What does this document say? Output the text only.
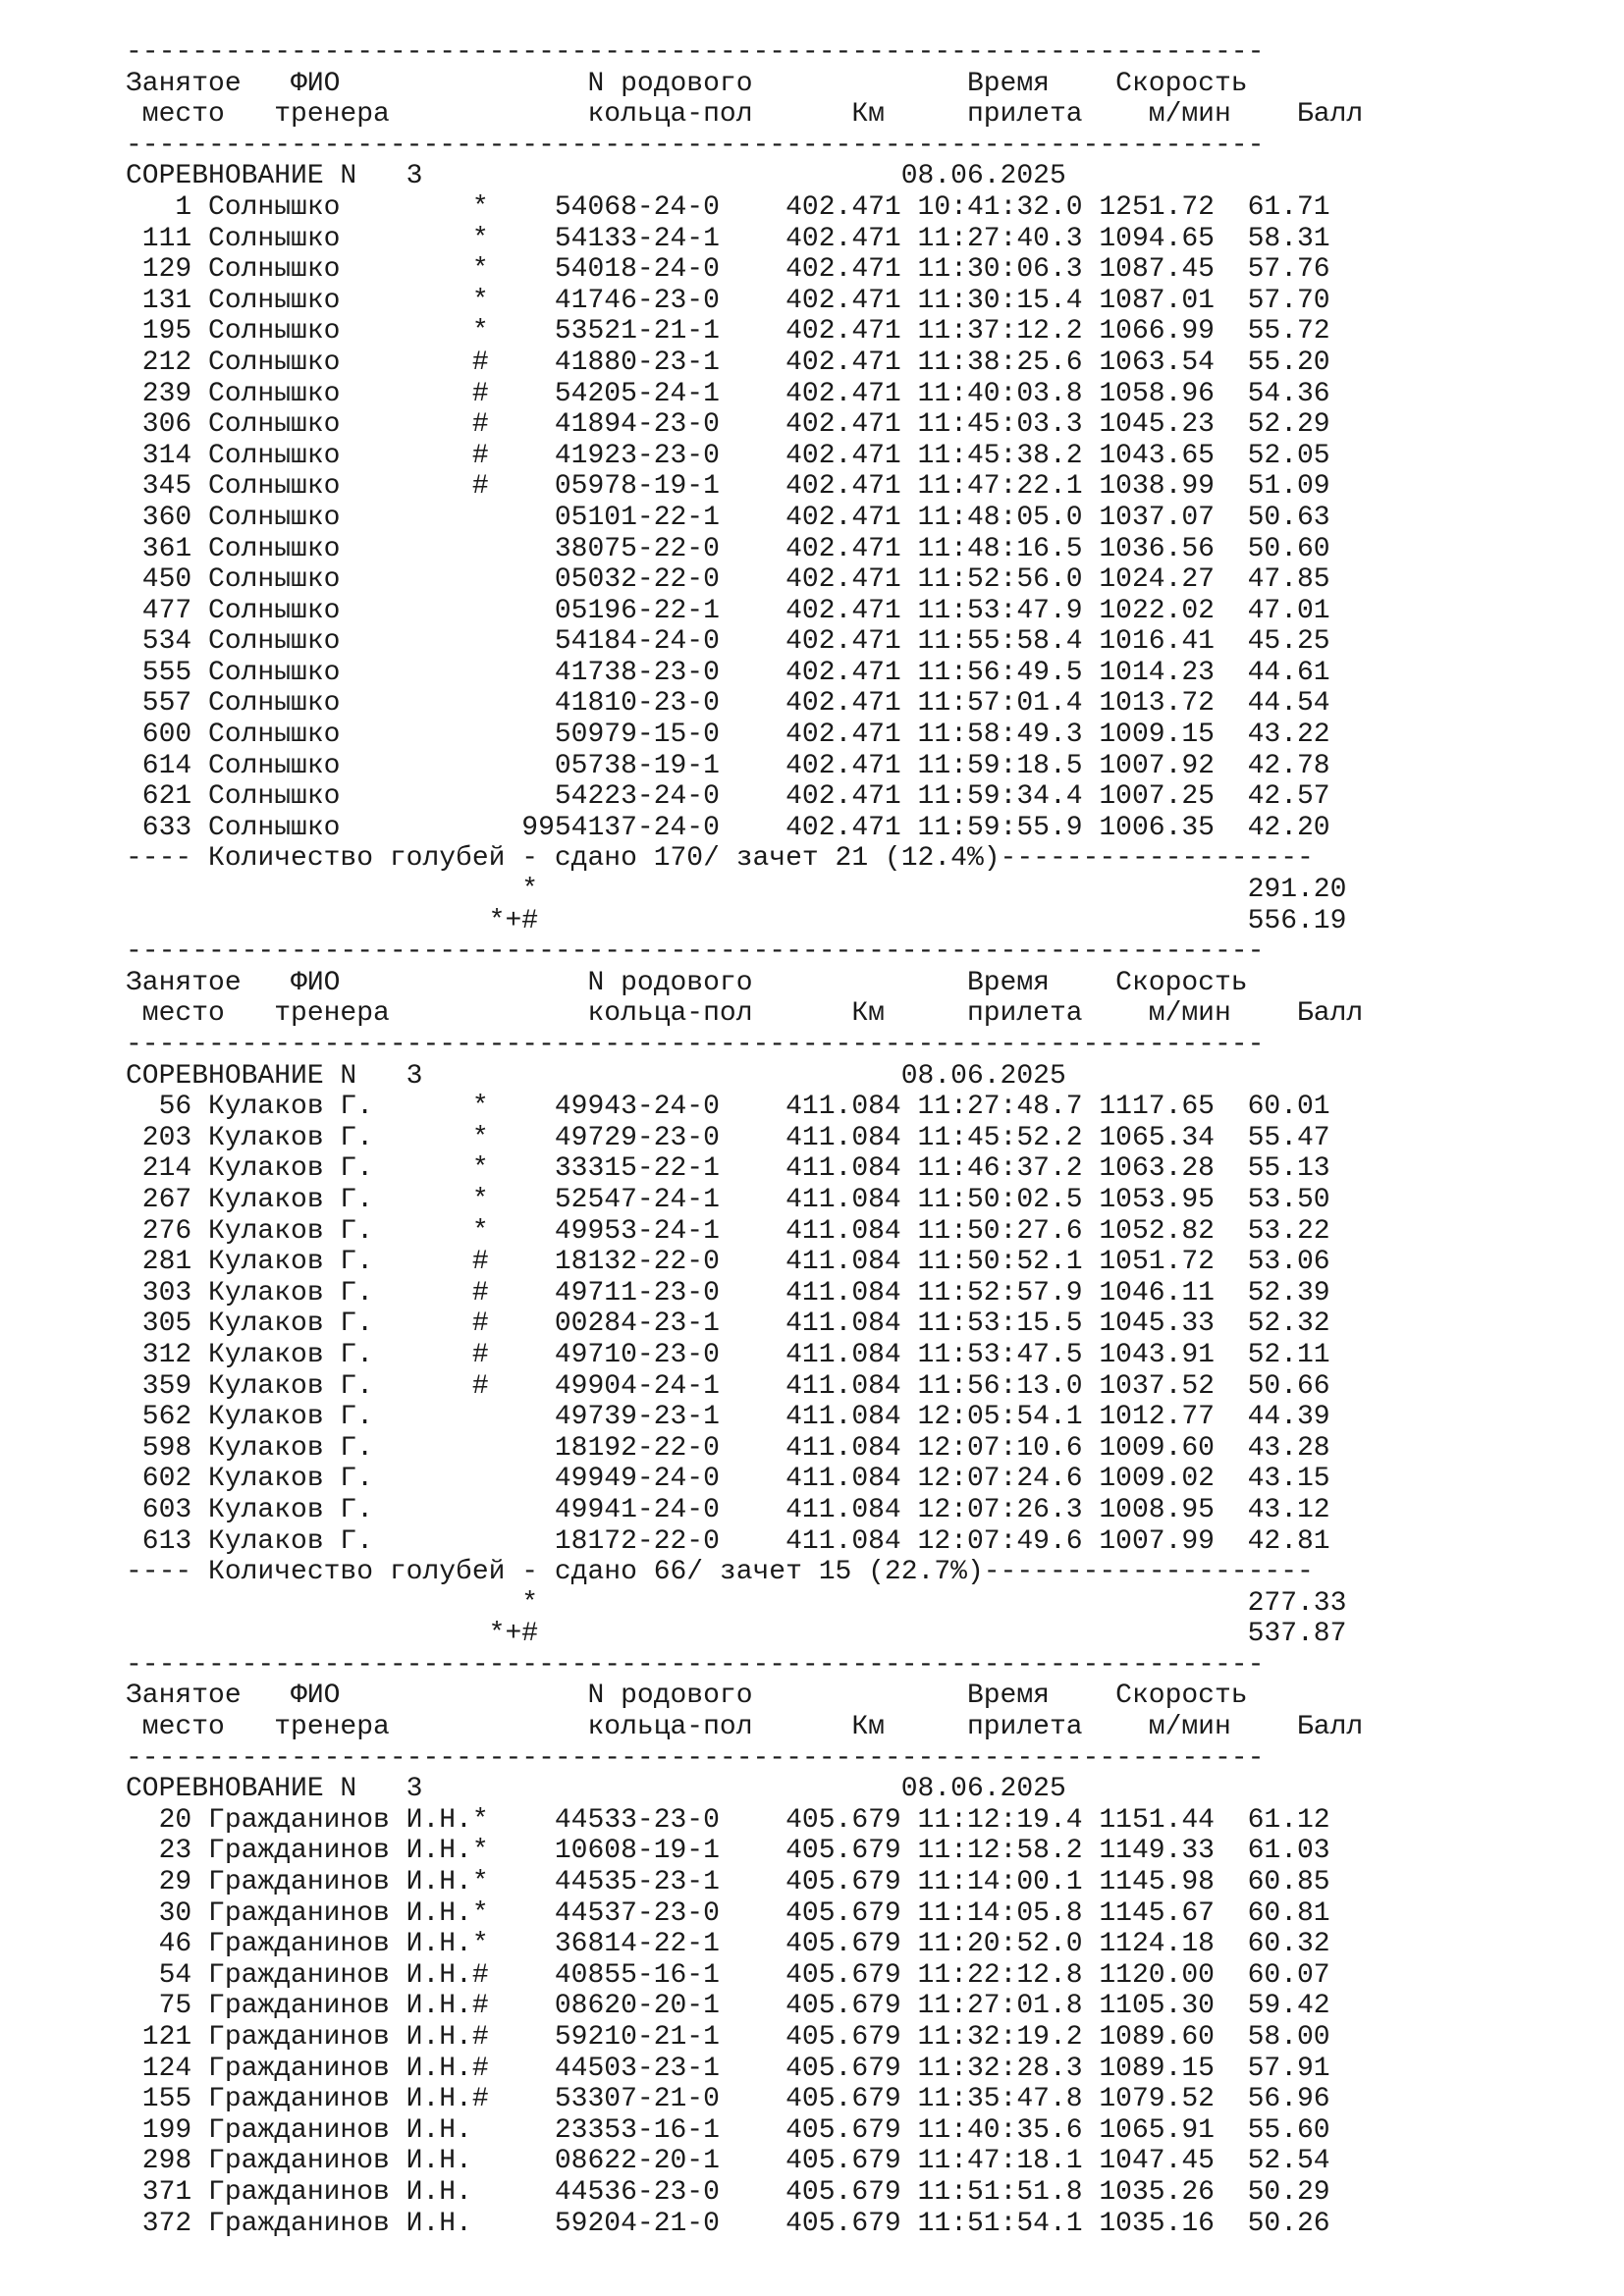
---------------------------------------------------------------------
Занятое   ФИО               N родового             Время    Скорость
место   тренера            кольца-пол      Км     прилета    м/мин    Балл
---------------------------------------------------------------------
СОРЕВНОВАНИЕ N   3                             08.06.2025
1 Солнышко        *    54068-24-0    402.471 10:41:32.0 1251.72  61.71
111 Солнышко        *    54133-24-1    402.471 11:27:40.3 1094.65  58.31
129 Солнышко        *    54018-24-0    402.471 11:30:06.3 1087.45  57.76
131 Солнышко        *    41746-23-0    402.471 11:30:15.4 1087.01  57.70
195 Солнышко        *    53521-21-1    402.471 11:37:12.2 1066.99  55.72
212 Солнышко        #    41880-23-1    402.471 11:38:25.6 1063.54  55.20
239 Солнышко        #    54205-24-1    402.471 11:40:03.8 1058.96  54.36
306 Солнышко        #    41894-23-0    402.471 11:45:03.3 1045.23  52.29
314 Солнышко        #    41923-23-0    402.471 11:45:38.2 1043.65  52.05
345 Солнышко        #    05978-19-1    402.471 11:47:22.1 1038.99  51.09
360 Солнышко             05101-22-1    402.471 11:48:05.0 1037.07  50.63
361 Солнышко             38075-22-0    402.471 11:48:16.5 1036.56  50.60
450 Солнышко             05032-22-0    402.471 11:52:56.0 1024.27  47.85
477 Солнышко             05196-22-1    402.471 11:53:47.9 1022.02  47.01
534 Солнышко             54184-24-0    402.471 11:55:58.4 1016.41  45.25
555 Солнышко             41738-23-0    402.471 11:56:49.5 1014.23  44.61
557 Солнышко             41810-23-0    402.471 11:57:01.4 1013.72  44.54
600 Солнышко             50979-15-0    402.471 11:58:49.3 1009.15  43.22
614 Солнышко             05738-19-1    402.471 11:59:18.5 1007.92  42.78
621 Солнышко             54223-24-0    402.471 11:59:34.4 1007.25  42.57
633 Солнышко           9954137-24-0    402.471 11:59:55.9 1006.35  42.20
---- Количество голубей - сдано 170/ зачет 21 (12.4%)-------------------
*                                           291.20
*+#                                           556.19
---------------------------------------------------------------------
Занятое   ФИО               N родового             Время    Скорость
место   тренера            кольца-пол      Км     прилета    м/мин    Балл
---------------------------------------------------------------------
СОРЕВНОВАНИЕ N   3                             08.06.2025
56 Кулаков Г.      *    49943-24-0    411.084 11:27:48.7 1117.65  60.01
203 Кулаков Г.      *    49729-23-0    411.084 11:45:52.2 1065.34  55.47
214 Кулаков Г.      *    33315-22-1    411.084 11:46:37.2 1063.28  55.13
267 Кулаков Г.      *    52547-24-1    411.084 11:50:02.5 1053.95  53.50
276 Кулаков Г.      *    49953-24-1    411.084 11:50:27.6 1052.82  53.22
281 Кулаков Г.      #    18132-22-0    411.084 11:50:52.1 1051.72  53.06
303 Кулаков Г.      #    49711-23-0    411.084 11:52:57.9 1046.11  52.39
305 Кулаков Г.      #    00284-23-1    411.084 11:53:15.5 1045.33  52.32
312 Кулаков Г.      #    49710-23-0    411.084 11:53:47.5 1043.91  52.11
359 Кулаков Г.      #    49904-24-1    411.084 11:56:13.0 1037.52  50.66
562 Кулаков Г.           49739-23-1    411.084 12:05:54.1 1012.77  44.39
598 Кулаков Г.           18192-22-0    411.084 12:07:10.6 1009.60  43.28
602 Кулаков Г.           49949-24-0    411.084 12:07:24.6 1009.02  43.15
603 Кулаков Г.           49941-24-0    411.084 12:07:26.3 1008.95  43.12
613 Кулаков Г.           18172-22-0    411.084 12:07:49.6 1007.99  42.81
---- Количество голубей - сдано 66/ зачет 15 (22.7%)--------------------
*                                           277.33
*+#                                           537.87
---------------------------------------------------------------------
Занятое   ФИО               N родового             Время    Скорость
место   тренера            кольца-пол      Км     прилета    м/мин    Балл
---------------------------------------------------------------------
СОРЕВНОВАНИЕ N   3                             08.06.2025
20 Гражданинов И.Н.*    44533-23-0    405.679 11:12:19.4 1151.44  61.12
23 Гражданинов И.Н.*    10608-19-1    405.679 11:12:58.2 1149.33  61.03
29 Гражданинов И.Н.*    44535-23-1    405.679 11:14:00.1 1145.98  60.85
30 Гражданинов И.Н.*    44537-23-0    405.679 11:14:05.8 1145.67  60.81
46 Гражданинов И.Н.*    36814-22-1    405.679 11:20:52.0 1124.18  60.32
54 Гражданинов И.Н.#    40855-16-1    405.679 11:22:12.8 1120.00  60.07
75 Гражданинов И.Н.#    08620-20-1    405.679 11:27:01.8 1105.30  59.42
121 Гражданинов И.Н.#    59210-21-1    405.679 11:32:19.2 1089.60  58.00
124 Гражданинов И.Н.#    44503-23-1    405.679 11:32:28.3 1089.15  57.91
155 Гражданинов И.Н.#    53307-21-0    405.679 11:35:47.8 1079.52  56.96
199 Гражданинов И.Н.     23353-16-1    405.679 11:40:35.6 1065.91  55.60
298 Гражданинов И.Н.     08622-20-1    405.679 11:47:18.1 1047.45  52.54
371 Гражданинов И.Н.     44536-23-0    405.679 11:51:51.8 1035.26  50.29
372 Гражданинов И.Н.     59204-21-0    405.679 11:51:54.1 1035.16  50.26
